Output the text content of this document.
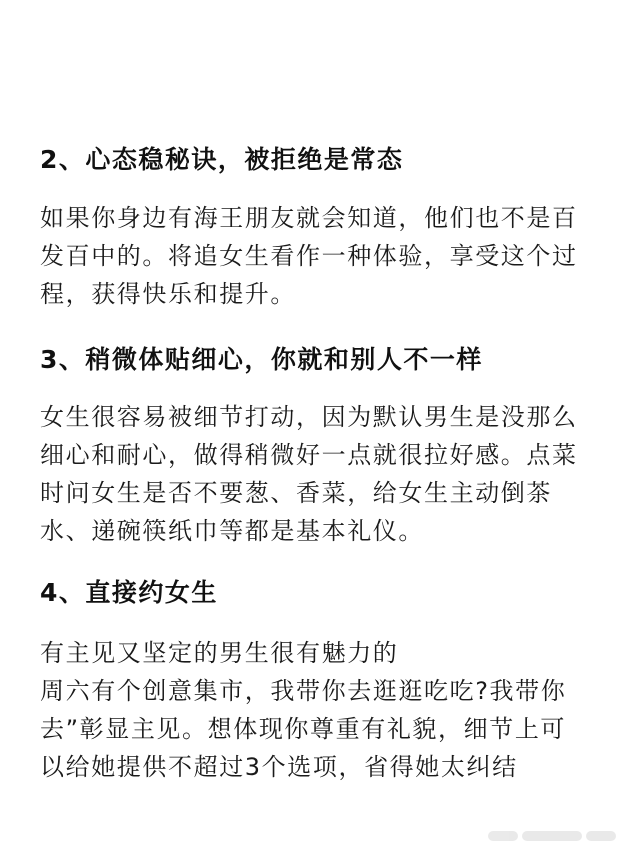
2、心态稳秘诀，被拒绝是常态
如果你身边有海王朋友就会知道，他们也不是百
发百中的。将追女生看作一种体验，享受这个过
程，获得快乐和提升。
3、稍微体贴细心，你就和别人不一样
女生很容易被细节打动，因为默认男生是没那么
细心和耐心，做得稍微好一点就很拉好感。点菜
时问女生是否不要葱、香菜，给女生主动倒茶
水、递碗筷纸巾等都是基本礼仪。
4、直接约女生
有主见又坚定的男生很有魅力的
周六有个创意集市，我带你去逛逛吃吃?我带你
去”彰显主见。想体现你尊重有礼貌，细节上可
以给她提供不超过3个选项，省得她太纠结
